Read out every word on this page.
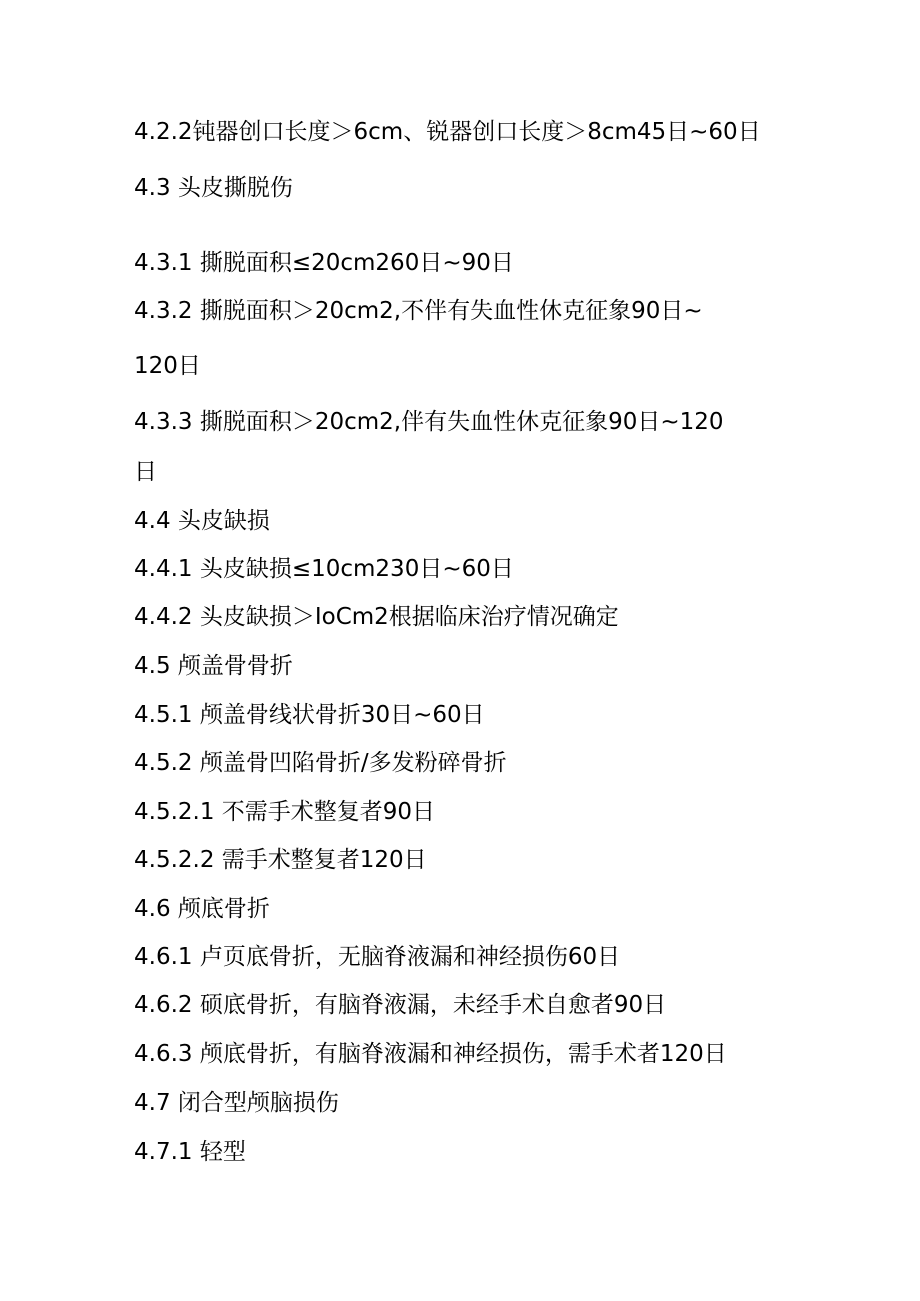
4.2.2钝器创口长度＞6cm、锐器创口长度＞8cm45日~60日
4.3 头皮撕脱伤
4.3.1 撕脱面积≤20cm260日~90日
4.3.2 撕脱面积＞20cm2,不伴有失血性休克征象90日~
120日
4.3.3 撕脱面积＞20cm2,伴有失血性休克征象90日~120
日
4.4 头皮缺损
4.4.1 头皮缺损≤10cm230日~60日
4.4.2 头皮缺损＞IoCm2根据临床治疗情况确定
4.5 颅盖骨骨折
4.5.1 颅盖骨线状骨折30日~60日
4.5.2 颅盖骨凹陷骨折/多发粉碎骨折
4.5.2.1 不需手术整复者90日
4.5.2.2 需手术整复者120日
4.6 颅底骨折
4.6.1 卢页底骨折，无脑脊液漏和神经损伤60日
4.6.2 硕底骨折，有脑脊液漏，未经手术自愈者90日
4.6.3 颅底骨折，有脑脊液漏和神经损伤，需手术者120日
4.7 闭合型颅脑损伤
4.7.1 轻型
